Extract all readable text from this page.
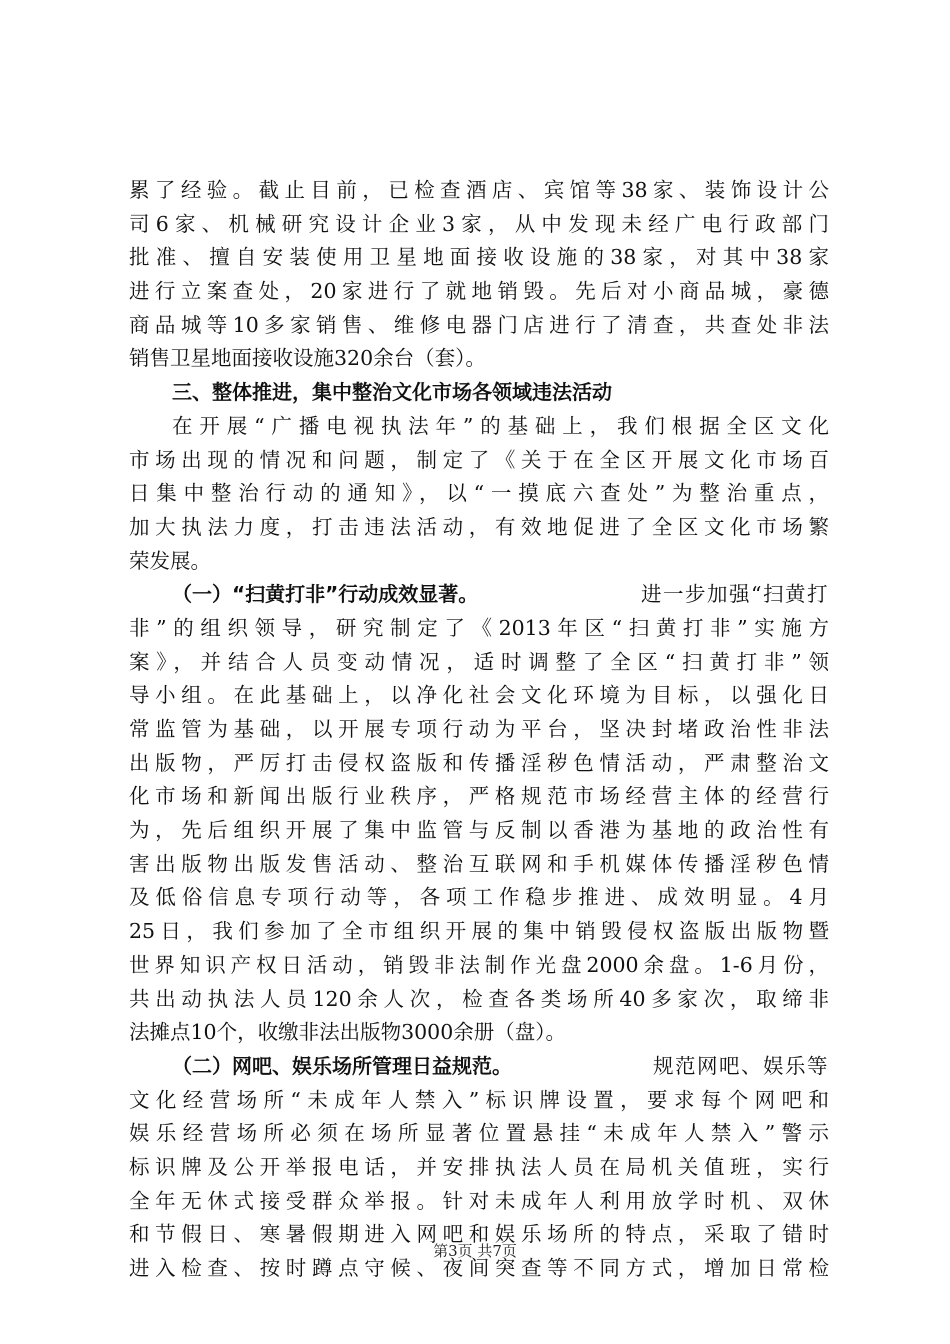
累了经验。截止目前，已检查酒店、宾馆等38家、装饰设计公
司6家、机械研究设计企业3家，从中发现未经广电行政部门
批准、擅自安装使用卫星地面接收设施的38家，对其中38家
进行立案查处，20家进行了就地销毁。先后对小商品城，豪德
商品城等10多家销售、维修电器门店进行了清查，共查处非法
销售卫星地面接收设施320余台（套）。
三、整体推进，集中整治文化市场各领域违法活动
在开展“广播电视执法年”的基础上，我们根据全区文化
市场出现的情况和问题，制定了《关于在全区开展文化市场百
日集中整治行动的通知》，以“一摸底六查处”为整治重点，
加大执法力度，打击违法活动，有效地促进了全区文化市场繁
荣发展。
（一）“扫黄打非”行动成效显著。	进一步加强“扫黄打
非”的组织领导，研究制定了《2013年区“扫黄打非”实施方
案》，并结合人员变动情况，适时调整了全区“扫黄打非”领
导小组。在此基础上，以净化社会文化环境为目标，以强化日
常监管为基础，以开展专项行动为平台，坚决封堵政治性非法
出版物，严厉打击侵权盗版和传播淫秽色情活动，严肃整治文
化市场和新闻出版行业秩序，严格规范市场经营主体的经营行
为，先后组织开展了集中监管与反制以香港为基地的政治性有
害出版物出版发售活动、整治互联网和手机媒体传播淫秽色情
及低俗信息专项行动等，各项工作稳步推进、成效明显。4月
25日，我们参加了全市组织开展的集中销毁侵权盗版出版物暨
世界知识产权日活动，销毁非法制作光盘2000余盘。1-6月份，
共出动执法人员120余人次，检查各类场所40多家次，取缔非
法摊点10个，收缴非法出版物3000余册（盘）。
（二）网吧、娱乐场所管理日益规范。	规范网吧、娱乐等
文化经营场所“未成年人禁入”标识牌设置，要求每个网吧和
娱乐经营场所必须在场所显著位置悬挂“未成年人禁入”警示
标识牌及公开举报电话，并安排执法人员在局机关值班，实行
全年无休式接受群众举报。针对未成年人利用放学时机、双休
和节假日、寒暑假期进入网吧和娱乐场所的特点，采取了错时
进入检查、按时蹲点守候、夜间突查等不同方式，增加日常检
第3页 共7页
